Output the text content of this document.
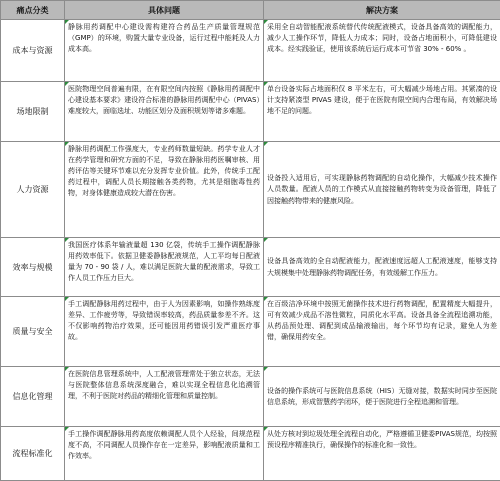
痛点分类	具体问题	解决方案
成本与资源	静脉用药调配中心建设需构建符合药品生产质量管理规范（GMP）的环境，购置大量专业设备，运行过程中能耗及人力成本高。	采用全自动智能配液系统替代传统配液模式，设备具备高效的调配能力，减少人工操作环节，降低人力成本；同时，设备占地面积小，可降低建设成本。经实践验证，使用该系统后运行成本可节省 30% - 60% 。
场地限制	医院物理空间普遍有限，在有限空间内按照《静脉用药调配中心建设基本要求》建设符合标准的静脉用药调配中心（PIVAS）难度较大，面临选址、功能区划分及面积规划等诸多难题。	单台设备实际占地面积仅 8 平米左右，可大幅减少场地占用。其紧凑的设计支持紧凑型 PIVAS 建设，便于在医院有限空间内合理布局，有效解决场地不足的问题。
人力资源	静脉用药调配工作强度大，专业药师数量短缺。药学专业人才在药学管理和研究方面的不足，导致在静脉用药医嘱审核、用药评估等关键环节难以充分发挥专业价值。此外，传统手工配药过程中，调配人员长期接触各类药物，尤其是细胞毒性药物，对身体健康造成较大潜在伤害。	设备投入适用后，可实现静脉药物调配的自动化操作，大幅减少技术操作人员数量。配液人员的工作模式从直接接触药物转变为设备管理，降低了因接触药物带来的健康风险。
效率与规模	我国医疗体系年输液量超 130 亿袋，传统手工操作调配静脉用药效率低下。依据卫健委静脉配液规范，人工平均每日配液量为 70 - 90 袋 / 人，难以满足医院大量的配液需求，导致工作人员工作压力巨大。	设备具备高效的全自动配液能力，配液速度远超人工配液速度，能够支持大规模集中处理静脉药物调配任务，有效缓解工作压力。
质量与安全	手工调配静脉用药过程中，由于人为因素影响，如操作熟练度差异、工作疲劳等，导致错误率较高，药品质量参差不齐。这不仅影响药物治疗效果，还可能因用药错误引发严重医疗事故。	在百级洁净环境中按照无菌操作技术进行药物调配，配置精度大幅提升，可有效减少成品不溶性微粒，同质化水平高。设备具备全流程追溯功能，从药品预处理、调配到成品输液输出，每个环节均有记录，避免人为差错，确保用药安全。
信息化管理	在医院信息管理系统中，人工配液管理常处于独立状态，无法与医院整体信息系统深度融合，难以实现全程信息化追溯管理，不利于医院对药品的精细化管理和质量控制。	设备的操作系统可与医院信息系统（HIS）无缝对接，数据实时同步至医院信息系统，形成智慧药学闭环，便于医院进行全程追溯和管理。
流程标准化	手工操作调配静脉用药高度依赖调配人员个人经验，间规范程度不高，不同调配人员操作存在一定差异，影响配液质量和工作效率。	从处方核对到垃圾处理全流程自动化，严格遵循卫健委PIVAS规范，均按照预设程序精准执行，确保操作的标准化和一致性。
